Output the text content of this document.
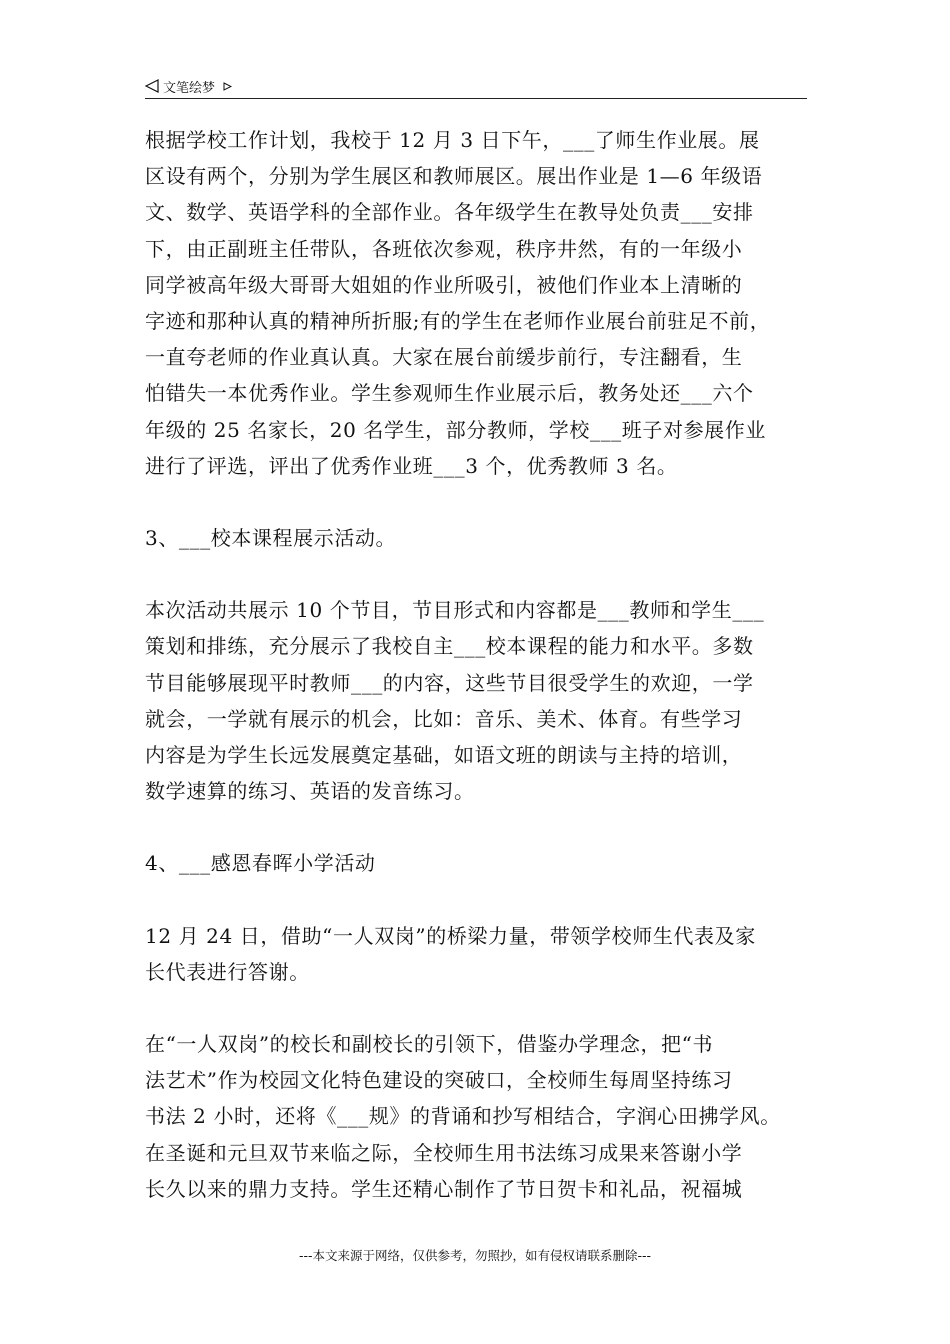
文笔绘梦

根据学校工作计划，我校于 12 月 3 日下午，___了师生作业展。展

区设有两个，分别为学生展区和教师展区。展出作业是 1—6 年级语

文、数学、英语学科的全部作业。各年级学生在教导处负责___安排

下，由正副班主任带队，各班依次参观，秩序井然，有的一年级小

同学被高年级大哥哥大姐姐的作业所吸引，被他们作业本上清晰的

字迹和那种认真的精神所折服;有的学生在老师作业展台前驻足不前，

一直夸老师的作业真认真。大家在展台前缓步前行，专注翻看，生

怕错失一本优秀作业。学生参观师生作业展示后，教务处还___六个

年级的 25 名家长，20 名学生，部分教师，学校___班子对参展作业

进行了评选，评出了优秀作业班___3 个，优秀教师 3 名。

3、___校本课程展示活动。

本次活动共展示 10 个节目，节目形式和内容都是___教师和学生___

策划和排练，充分展示了我校自主___校本课程的能力和水平。多数

节目能够展现平时教师___的内容，这些节目很受学生的欢迎，一学

就会，一学就有展示的机会，比如：音乐、美术、体育。有些学习

内容是为学生长远发展奠定基础，如语文班的朗读与主持的培训，

数学速算的练习、英语的发音练习。

4、___感恩春晖小学活动

12 月 24 日，借助“一人双岗”的桥梁力量，带领学校师生代表及家

长代表进行答谢。

在“一人双岗”的校长和副校长的引领下，借鉴办学理念，把“书

法艺术”作为校园文化特色建设的突破口，全校师生每周坚持练习

书法 2 小时，还将《___规》的背诵和抄写相结合，字润心田拂学风。

在圣诞和元旦双节来临之际，全校师生用书法练习成果来答谢小学

长久以来的鼎力支持。学生还精心制作了节日贺卡和礼品，祝福城

---本文来源于网络，仅供参考，勿照抄，如有侵权请联系删除---
